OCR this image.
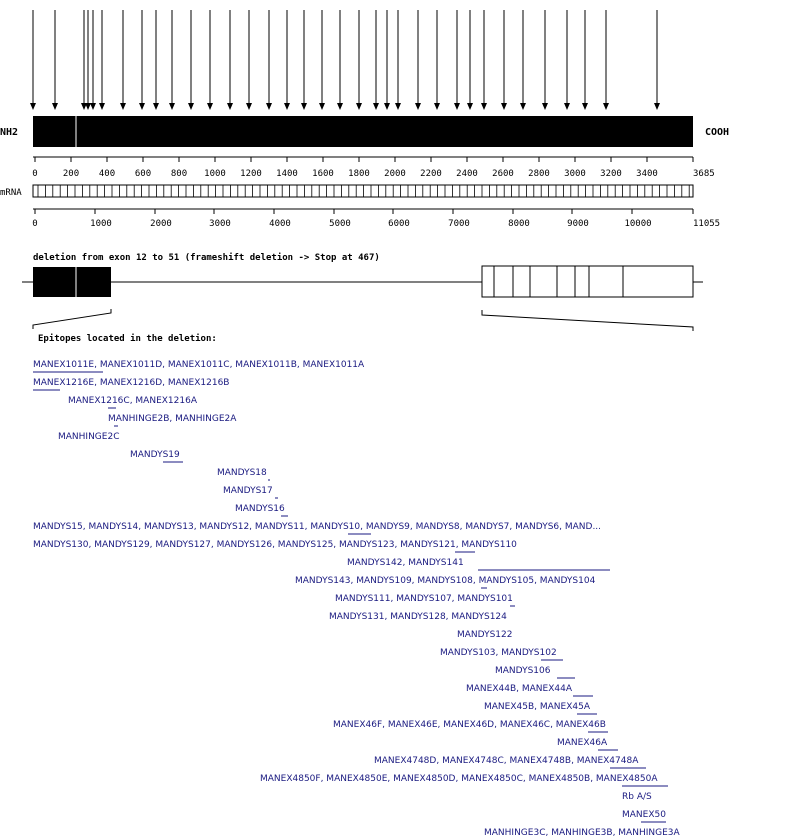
NH2	COOH
0	200 400 600 800 1000 1200 1400 1600 1800 2000 2200 2400 2600 2800 3000 3200 3400	3685
mRNA
0	1000	2000	3000	4000	5000	6000	7000	8000	9000	10000	11055
deletion from exon 12 to 51 (frameshift deletion -> Stop at 467)
Epitopes located in the deletion:
MANEX1011E, MANEX1011D, MANEX1011C, MANEX1011B, MANEX1011A
MANEX1216E, MANEX1216D, MANEX1216B
MANEX1216C, MANEX1216A
MANHINGE2B, MANHINGE2A
MANHINGE2C
MANDYS19
MANDYS18
MANDYS17
MANDYS16
MANDYS15, MANDYS14, MANDYS13, MANDYS12, MANDYS11, MANDYS10, MANDYS9, MANDYS8, MANDYS7, MANDYS6, MAND...
MANDYS130, MANDYS129, MANDYS127, MANDYS126, MANDYS125, MANDYS123, MANDYS121, MANDYS110
MANDYS142, MANDYS141
MANDYS143, MANDYS109, MANDYS108, MANDYS105, MANDYS104
MANDYS111, MANDYS107, MANDYS101
MANDYS131, MANDYS128, MANDYS124
MANDYS122
MANDYS103, MANDYS102
MANDYS106
MANEX44B, MANEX44A
MANEX45B, MANEX45A
MANEX46F, MANEX46E, MANEX46D, MANEX46C, MANEX46B
MANEX46A
MANEX4748D, MANEX4748C, MANEX4748B, MANEX4748A
MANEX4850F, MANEX4850E, MANEX4850D, MANEX4850C, MANEX4850B, MANEX4850A
Rb A/S
MANEX50
MANHINGE3C, MANHINGE3B, MANHINGE3A
